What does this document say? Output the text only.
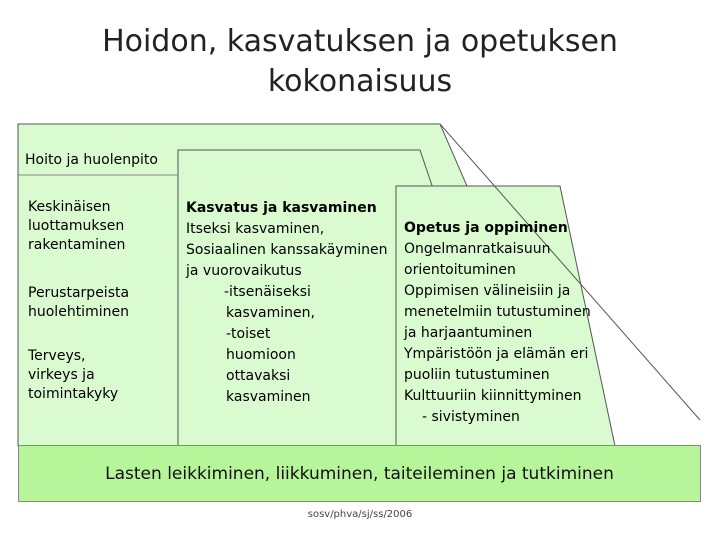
Hoidon, kasvatuksen ja opetuksen
kokonaisuus
Hoito ja huolenpito
Keskinäisen
luottamuksen
rakentaminen
Perustarpeista
huolehtiminen
Terveys,
virkeys ja
toimintakyky
Kasvatus ja kasvaminen
Itseksi kasvaminen,
Sosiaalinen kanssakäyminen
ja vuorovaikutus
-itsenäiseksi
kasvaminen,
-toiset
huomioon
ottavaksi
kasvaminen
Opetus ja oppiminen
Ongelmanratkaisuun
orientoituminen
Oppimisen välineisiin ja
menetelmiin tutustuminen
ja harjaantuminen
Ympäristöön ja elämän eri
puoliin tutustuminen
Kulttuuriin kiinnittyminen
- sivistyminen
Lasten leikkiminen, liikkuminen, taiteileminen ja tutkiminen
sosv/phva/sj/ss/2006
